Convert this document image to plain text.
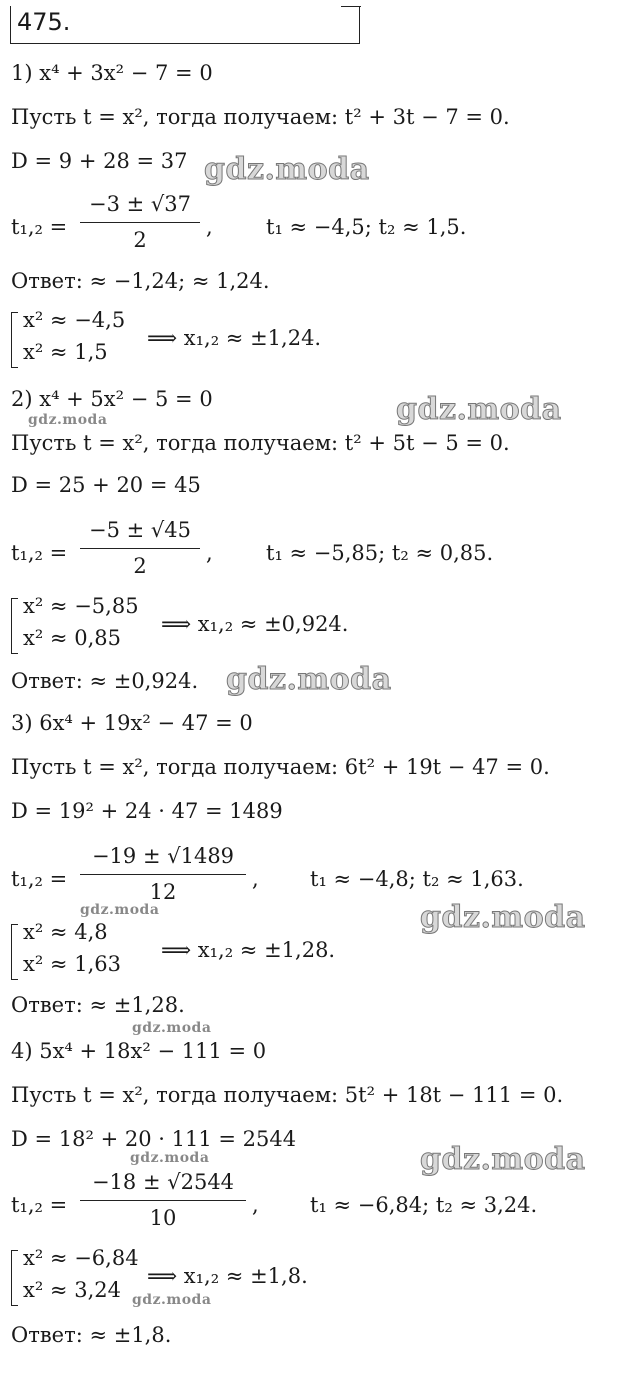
475.
1) x⁴ + 3x² − 7 = 0
Пусть t = x², тогда получаем: t² + 3t − 7 = 0.
D = 9 + 28 = 37
t₁,₂ =
−3 ± √37
2
,	t₁ ≈ −4,5; t₂ ≈ 1,5.
Ответ: ≈ −1,24; ≈ 1,24.
x² ≈ −4,5
x² ≈ 1,5
⟹ x₁,₂ ≈ ±1,24.
2) x⁴ + 5x² − 5 = 0
Пусть t = x², тогда получаем: t² + 5t − 5 = 0.
D = 25 + 20 = 45
t₁,₂ =
−5 ± √45
2
,	t₁ ≈ −5,85; t₂ ≈ 0,85.
x² ≈ −5,85
x² ≈ 0,85
⟹ x₁,₂ ≈ ±0,924.
Ответ: ≈ ±0,924.
3) 6x⁴ + 19x² − 47 = 0
Пусть t = x², тогда получаем: 6t² + 19t − 47 = 0.
D = 19² + 24 · 47 = 1489
t₁,₂ =
−19 ± √1489
12
, t₁ ≈ −4,8; t₂ ≈ 1,63.
x² ≈ 4,8
x² ≈ 1,63
⟹ x₁,₂ ≈ ±1,28.
Ответ: ≈ ±1,28.
4) 5x⁴ + 18x² − 111 = 0
Пусть t = x², тогда получаем: 5t² + 18t − 111 = 0.
D = 18² + 20 · 111 = 2544
t₁,₂ =
−18 ± √2544
10
, t₁ ≈ −6,84; t₂ ≈ 3,24.
x² ≈ −6,84
x² ≈ 3,24
⟹ x₁,₂ ≈ ±1,8.
Ответ: ≈ ±1,8.
gdz.moda
gdz.moda
gdz.moda
gdz.moda
gdz.moda
gdz.moda
gdz.moda
gdz.moda
gdz.moda
gdz.moda
